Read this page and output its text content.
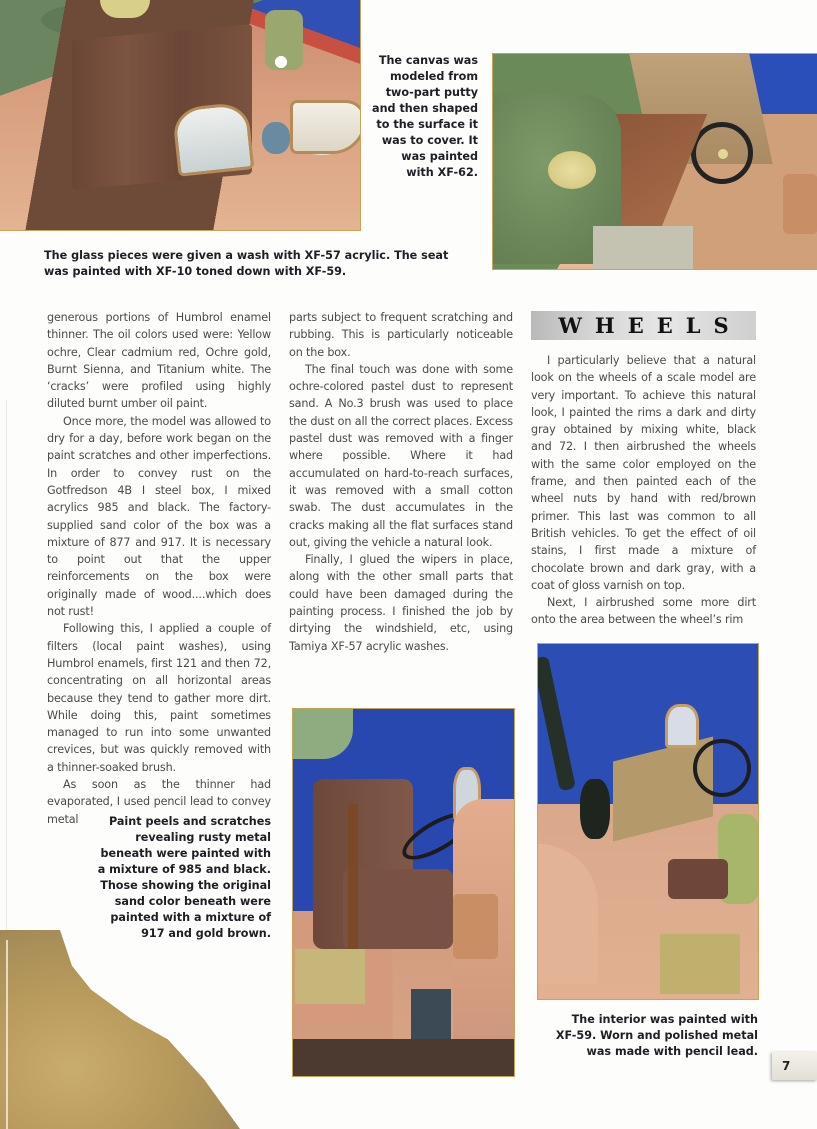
The canvas was modeled from two-part putty and then shaped to the surface it was to cover. It was painted with XF-62.
The glass pieces were given a wash with XF-57 acrylic. The seat was painted with XF-10 toned down with XF-59.

generous portions of Humbrol enamel thinner. The oil colors used were: Yellow ochre, Clear cadmium red, Ochre gold, Burnt Sienna, and Titanium white. The ‘cracks’ were profiled using highly diluted burnt umber oil paint.

Once more, the model was allowed to dry for a day, before work began on the paint scratches and other imperfections. In order to convey rust on the Gotfredson 4B I steel box, I mixed acrylics 985 and black. The factory-supplied sand color of the box was a mixture of 877 and 917. It is necessary to point out that the upper reinforcements on the box were originally made of wood....which does not rust!

Following this, I applied a couple of filters (local paint washes), using Humbrol enamels, first 121 and then 72, concentrating on all horizontal areas because they tend to gather more dirt. While doing this, paint sometimes managed to run into some unwanted crevices, but was quickly removed with a thinner-soaked brush.

As soon as the thinner had evaporated, I used pencil lead to convey metal

parts subject to frequent scratching and rubbing. This is particularly noticeable on the box.

The final touch was done with some ochre-colored pastel dust to represent sand. A No.3 brush was used to place the dust on all the correct places. Excess pastel dust was removed with a finger where possible. Where it had accumulated on hard-to-reach surfaces, it was removed with a small cotton swab. The dust accumulates in the cracks making all the flat surfaces stand out, giving the vehicle a natural look.

Finally, I glued the wipers in place, along with the other small parts that could have been damaged during the painting process. I finished the job by dirtying the windshield, etc, using Tamiya XF-57 acrylic washes.

WHEELS

I particularly believe that a natural look on the wheels of a scale model are very important. To achieve this natural look, I painted the rims a dark and dirty gray obtained by mixing white, black and 72. I then airbrushed the wheels with the same color employed on the frame, and then painted each of the wheel nuts by hand with red/brown primer. This last was common to all British vehicles. To get the effect of oil stains, I first made a mixture of chocolate brown and dark gray, with a coat of gloss varnish on top.

Next, I airbrushed some more dirt onto the area between the wheel’s rim

Paint peels and scratches revealing rusty metal beneath were painted with a mixture of 985 and black. Those showing the original sand color beneath were painted with a mixture of 917 and gold brown.
The interior was painted with XF-59. Worn and polished metal was made with pencil lead.
7
